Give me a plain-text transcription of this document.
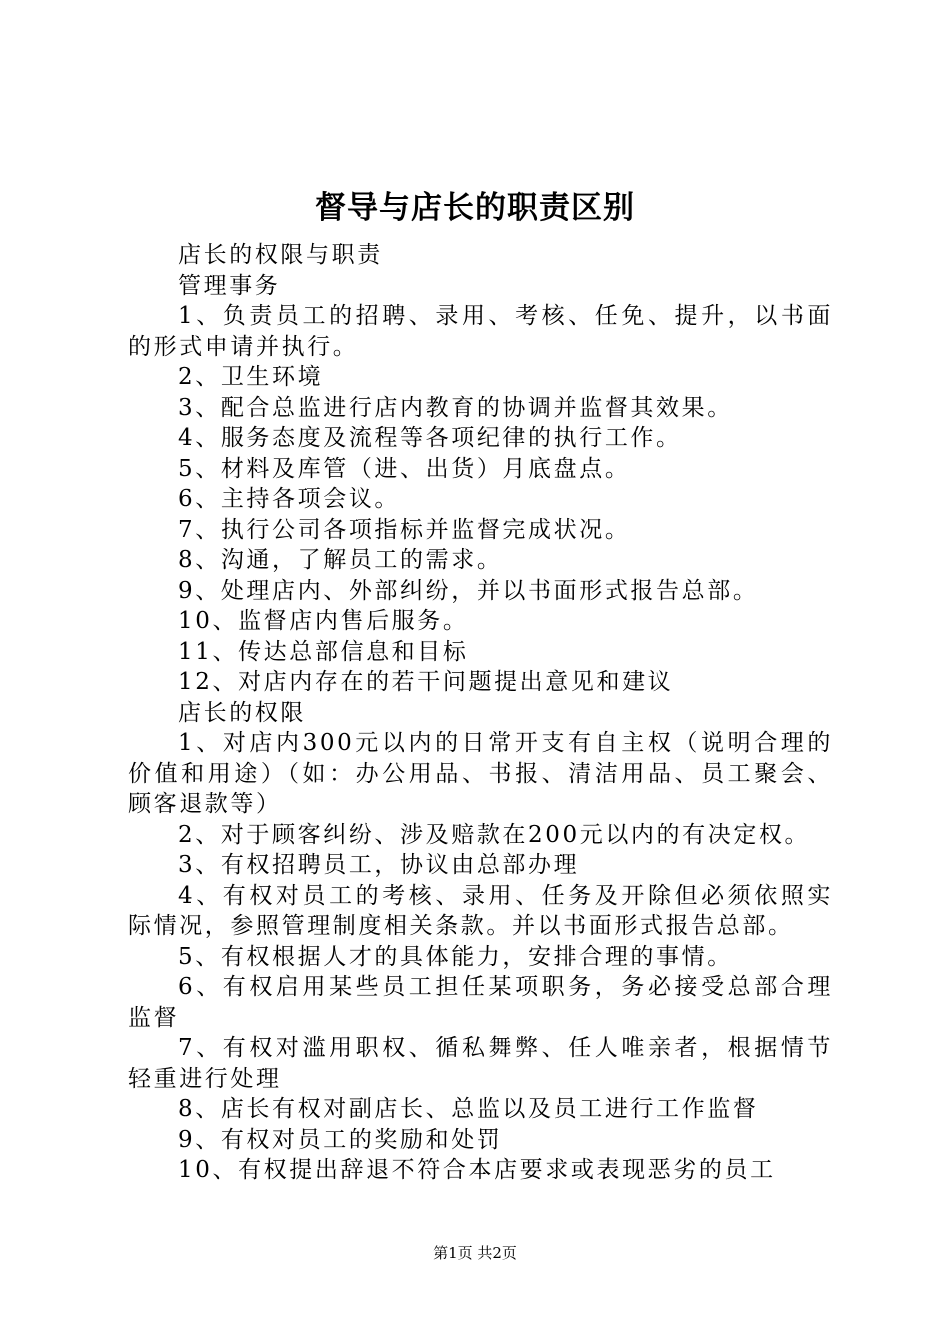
督导与店长的职责区别

店长的权限与职责

管理事务

1、负责员工的招聘、录用、考核、任免、提升，以书面的形式申请并执行。

2、卫生环境

3、配合总监进行店内教育的协调并监督其效果。

4、服务态度及流程等各项纪律的执行工作。

5、材料及库管（进、出货）月底盘点。

6、主持各项会议。

7、执行公司各项指标并监督完成状况。

8、沟通，了解员工的需求。

9、处理店内、外部纠纷，并以书面形式报告总部。

10、监督店内售后服务。

11、传达总部信息和目标

12、对店内存在的若干问题提出意见和建议

店长的权限

1、对店内300元以内的日常开支有自主权（说明合理的价值和用途）（如：办公用品、书报、清洁用品、员工聚会、顾客退款等）

2、对于顾客纠纷、涉及赔款在200元以内的有决定权。

3、有权招聘员工，协议由总部办理

4、有权对员工的考核、录用、任务及开除但必须依照实际情况，参照管理制度相关条款。并以书面形式报告总部。

5、有权根据人才的具体能力，安排合理的事情。

6、有权启用某些员工担任某项职务，务必接受总部合理监督

7、有权对滥用职权、循私舞弊、任人唯亲者，根据情节轻重进行处理

8、店长有权对副店长、总监以及员工进行工作监督

9、有权对员工的奖励和处罚

10、有权提出辞退不符合本店要求或表现恶劣的员工

第1页 共2页
